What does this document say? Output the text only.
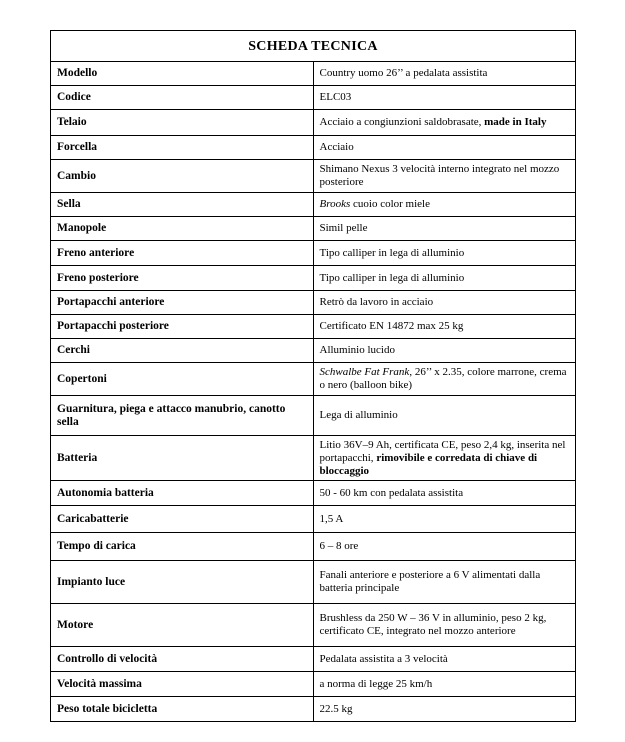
SCHEDA TECNICA	
Modello	Country uomo 26’’ a pedalata assistita
Codice	ELC03
Telaio	Acciaio a congiunzioni saldobrasate, made in Italy
Forcella	Acciaio
Cambio	Shimano Nexus 3 velocità interno integrato nel mozzo posteriore
Sella	Brooks cuoio color miele
Manopole	Simil pelle
Freno anteriore	Tipo calliper in lega di alluminio
Freno posteriore	Tipo calliper in lega di alluminio
Portapacchi anteriore	Retrò da lavoro in acciaio
Portapacchi posteriore	Certificato EN 14872 max 25 kg
Cerchi	Alluminio lucido
Copertoni	Schwalbe Fat Frank, 26’’ x 2.35, colore marrone, crema o nero (balloon bike)
Guarnitura, piega e attacco manubrio, canotto sella	Lega di alluminio
Batteria	Litio 36V–9 Ah, certificata CE, peso 2,4 kg, inserita nel portapacchi, rimovibile e corredata di chiave di bloccaggio
Autonomia batteria	50 - 60 km con pedalata assistita
Caricabatterie	1,5 A
Tempo di carica	6 – 8 ore
Impianto luce	Fanali anteriore e posteriore a 6 V alimentati dalla batteria principale
Motore	Brushless da 250 W – 36 V in alluminio, peso 2 kg, certificato CE, integrato nel mozzo anteriore
Controllo di velocità	Pedalata assistita a 3 velocità
Velocità massima	a norma di legge 25 km/h
Peso totale bicicletta	22.5 kg
